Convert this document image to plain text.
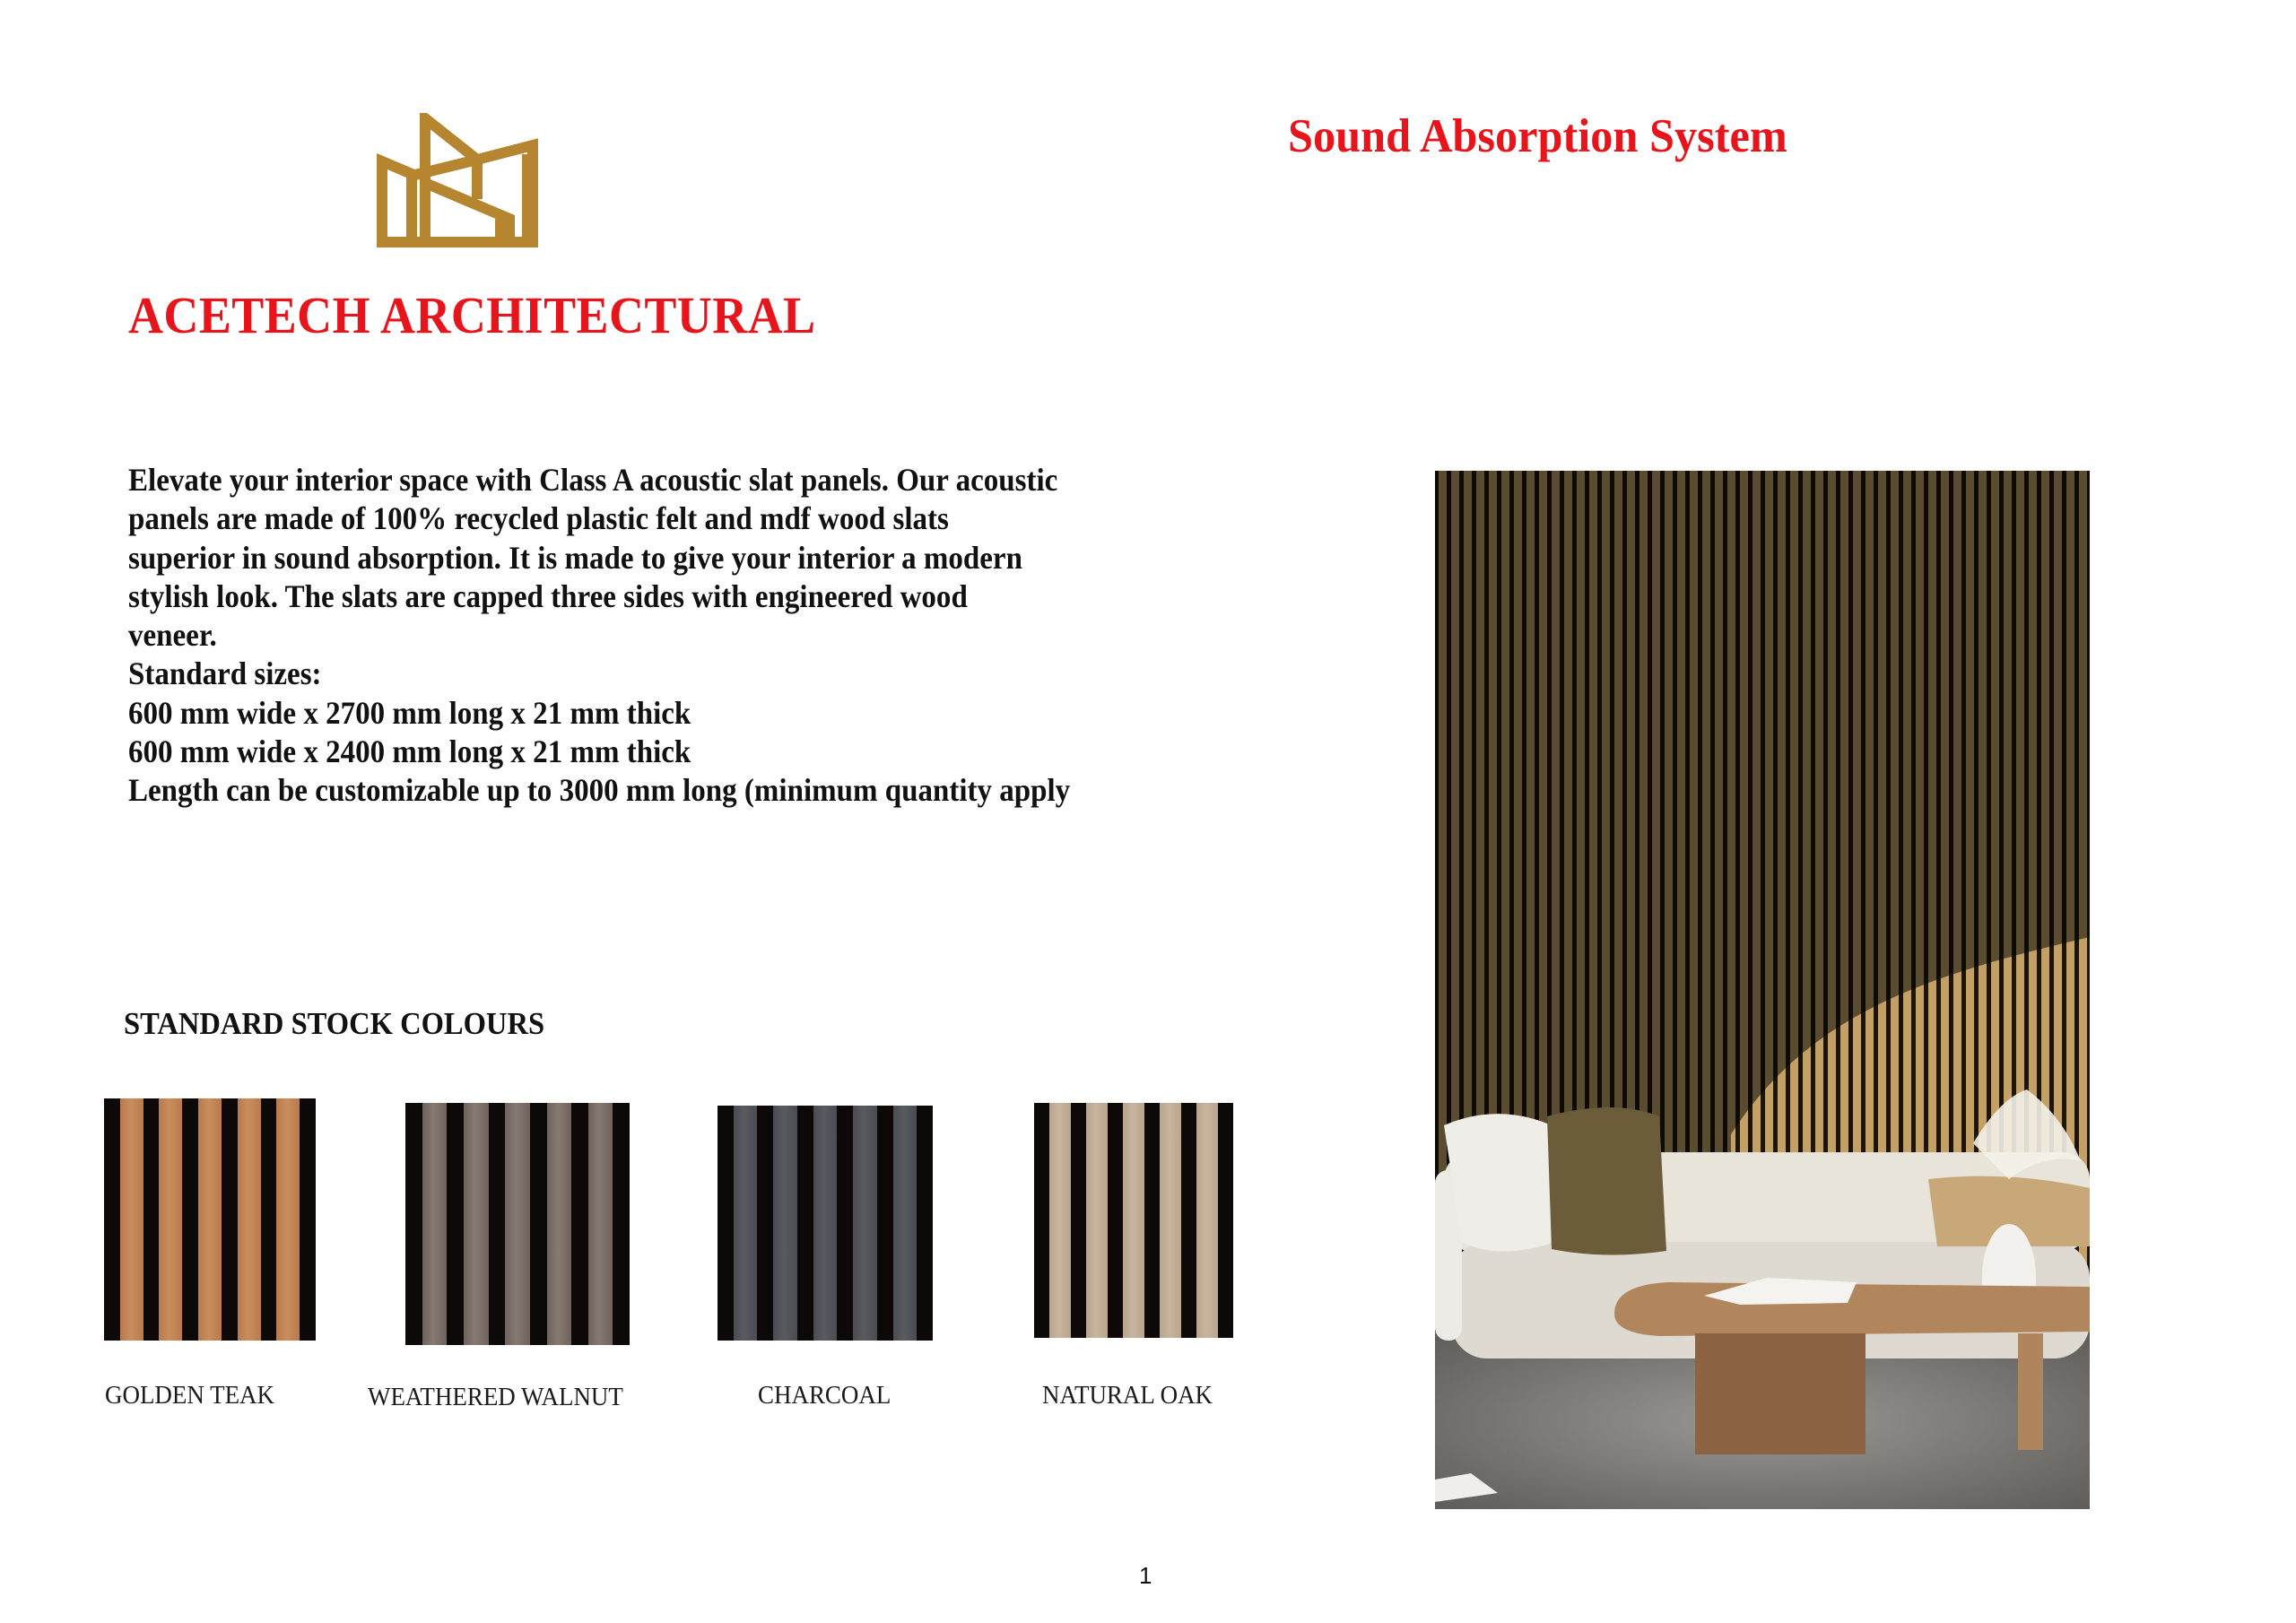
ACETECH ARCHITECTURAL
Sound Absorption System

Elevate your interior space with Class A acoustic slat panels. Our acoustic

panels are made of 100% recycled plastic felt and mdf wood slats

superior in sound absorption. It is made to give your interior a modern

stylish look. The slats are capped three sides with engineered wood

veneer.

Standard sizes:

600 mm wide x 2700 mm long x 21 mm thick

600 mm wide x 2400 mm long x 21 mm thick

Length can be customizable up to 3000 mm long (minimum quantity apply

STANDARD STOCK COLOURS
GOLDEN TEAK	WEATHERED WALNUT	CHARCOAL	NATURAL OAK
1
